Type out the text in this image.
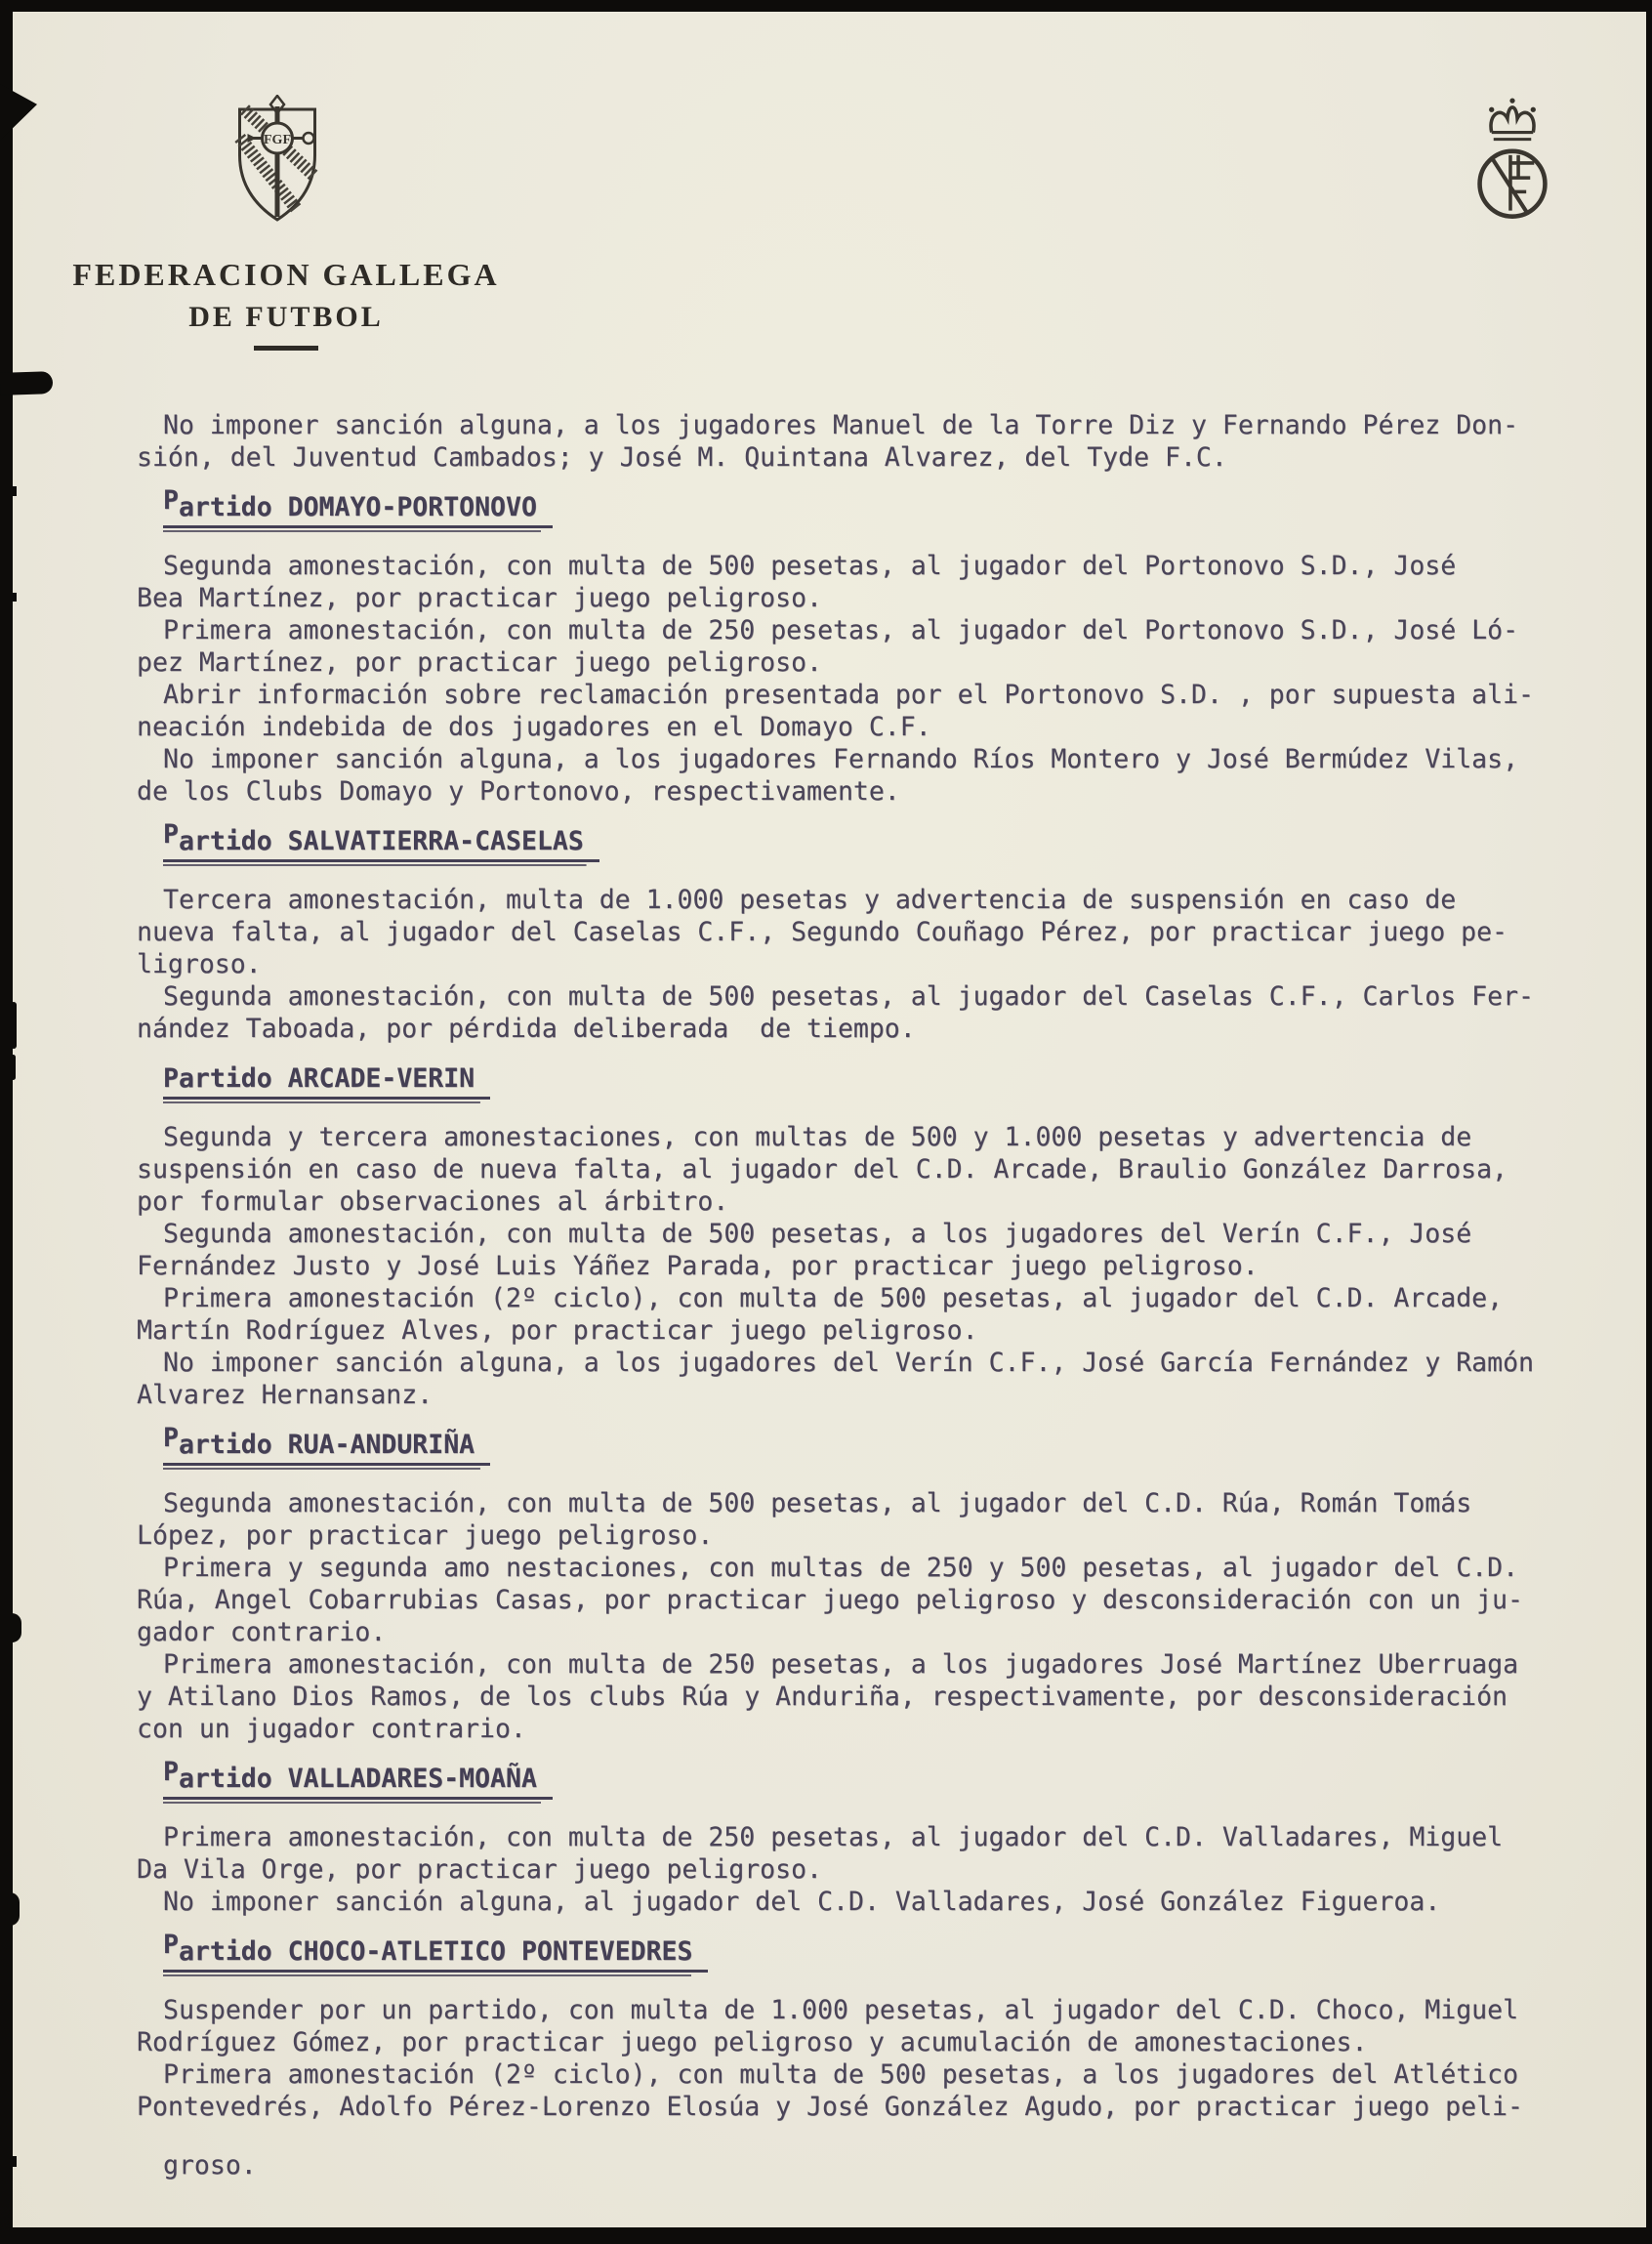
FGF
FEDERACION GALLEGA
DE FUTBOL
No imponer sanción alguna, a los jugadores Manuel de la Torre Diz y Fernando Pérez Don-
sión, del Juventud Cambados; y José M. Quintana Alvarez, del Tyde F.C.
Partido DOMAYO-PORTONOVO
Segunda amonestación, con multa de 500 pesetas, al jugador del Portonovo S.D., José
Bea Martínez, por practicar juego peligroso.
Primera amonestación, con multa de 250 pesetas, al jugador del Portonovo S.D., José Ló-
pez Martínez, por practicar juego peligroso.
Abrir información sobre reclamación presentada por el Portonovo S.D. , por supuesta ali-
neación indebida de dos jugadores en el Domayo C.F.
No imponer sanción alguna, a los jugadores Fernando Ríos Montero y José Bermúdez Vilas,
de los Clubs Domayo y Portonovo, respectivamente.
Partido SALVATIERRA-CASELAS
Tercera amonestación, multa de 1.000 pesetas y advertencia de suspensión en caso de
nueva falta, al jugador del Caselas C.F., Segundo Couñago Pérez, por practicar juego pe-
ligroso.
Segunda amonestación, con multa de 500 pesetas, al jugador del Caselas C.F., Carlos Fer-
nández Taboada, por pérdida deliberada  de tiempo.
Partido ARCADE-VERIN
Segunda y tercera amonestaciones, con multas de 500 y 1.000 pesetas y advertencia de
suspensión en caso de nueva falta, al jugador del C.D. Arcade, Braulio González Darrosa,
por formular observaciones al árbitro.
Segunda amonestación, con multa de 500 pesetas, a los jugadores del Verín C.F., José
Fernández Justo y José Luis Yáñez Parada, por practicar juego peligroso.
Primera amonestación (2º ciclo), con multa de 500 pesetas, al jugador del C.D. Arcade,
Martín Rodríguez Alves, por practicar juego peligroso.
No imponer sanción alguna, a los jugadores del Verín C.F., José García Fernández y Ramón
Alvarez Hernansanz.
Partido RUA-ANDURIÑA
Segunda amonestación, con multa de 500 pesetas, al jugador del C.D. Rúa, Román Tomás
López, por practicar juego peligroso.
Primera y segunda amo nestaciones, con multas de 250 y 500 pesetas, al jugador del C.D.
Rúa, Angel Cobarrubias Casas, por practicar juego peligroso y desconsideración con un ju-
gador contrario.
Primera amonestación, con multa de 250 pesetas, a los jugadores José Martínez Uberruaga
y Atilano Dios Ramos, de los clubs Rúa y Anduriña, respectivamente, por desconsideración
con un jugador contrario.
Partido VALLADARES-MOAÑA
Primera amonestación, con multa de 250 pesetas, al jugador del C.D. Valladares, Miguel
Da Vila Orge, por practicar juego peligroso.
No imponer sanción alguna, al jugador del C.D. Valladares, José González Figueroa.
Partido CHOCO-ATLETICO PONTEVEDRES
Suspender por un partido, con multa de 1.000 pesetas, al jugador del C.D. Choco, Miguel
Rodríguez Gómez, por practicar juego peligroso y acumulación de amonestaciones.
Primera amonestación (2º ciclo), con multa de 500 pesetas, a los jugadores del Atlético
Pontevedrés, Adolfo Pérez-Lorenzo Elosúa y José González Agudo, por practicar juego peli-
groso.
